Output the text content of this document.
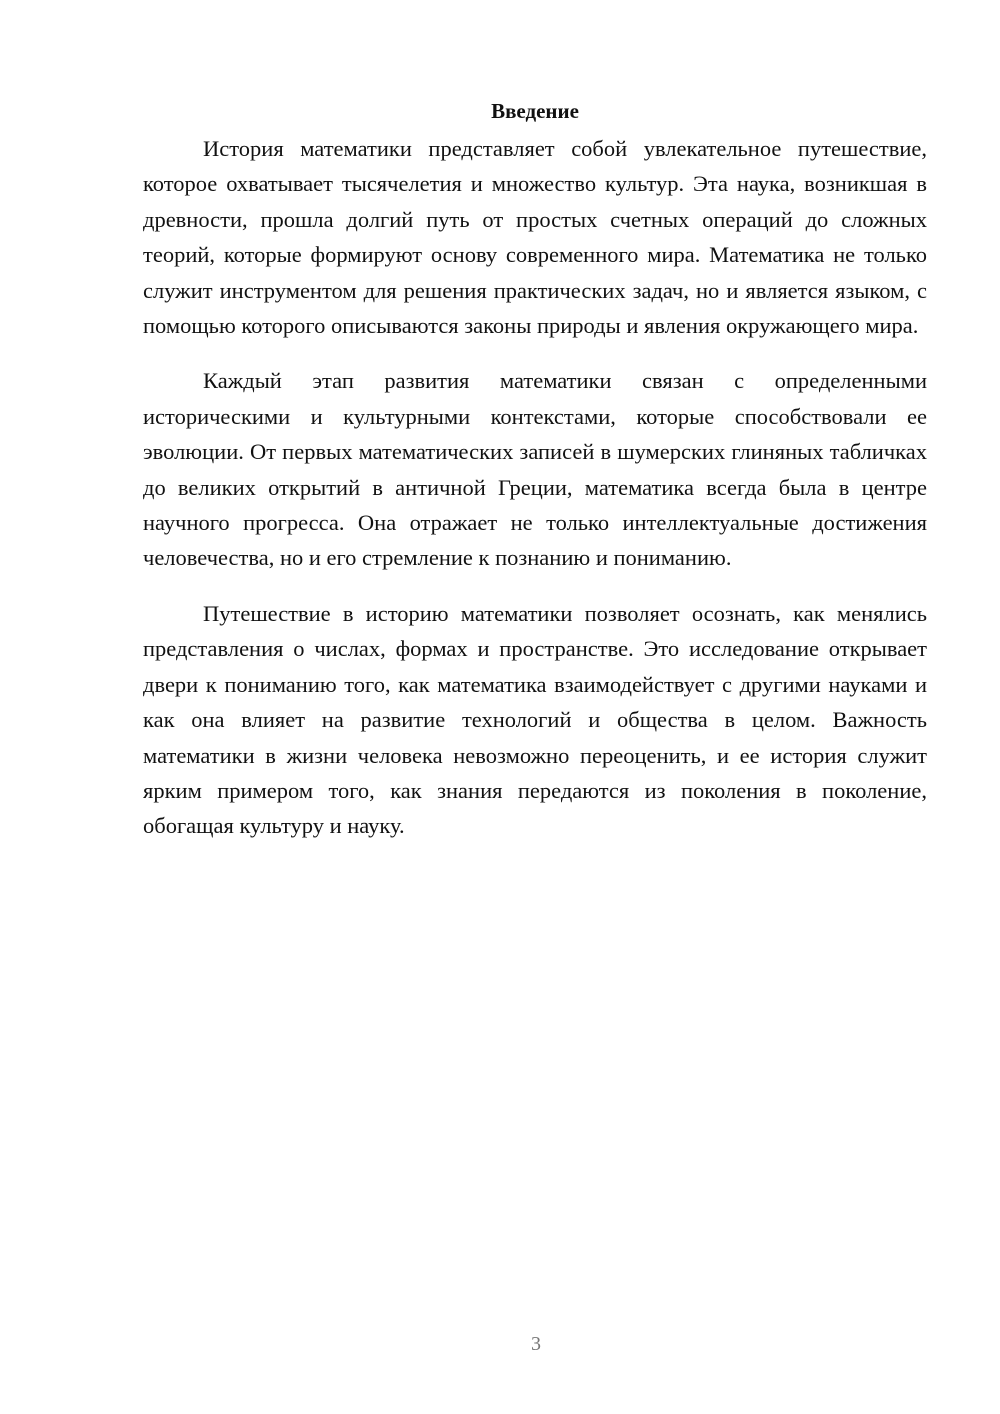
Введение

История математики представляет собой увлекательное путешествие, которое охватывает тысячелетия и множество культур. Эта наука, возникшая в древности, прошла долгий путь от простых счетных операций до сложных теорий, которые формируют основу современного мира. Математика не только служит инструментом для решения практических задач, но и является языком, с помощью которого описываются законы природы и явления окружающего мира.

Каждый этап развития математики связан с определенными историческими и культурными контекстами, которые способствовали ее эволюции. От первых математических записей в шумерских глиняных табличках до великих открытий в античной Греции, математика всегда была в центре научного прогресса. Она отражает не только интеллектуальные достижения человечества, но и его стремление к познанию и пониманию.

Путешествие в историю математики позволяет осознать, как менялись представления о числах, формах и пространстве. Это исследование открывает двери к пониманию того, как математика взаимодействует с другими науками и как она влияет на развитие технологий и общества в целом. Важность математики в жизни человека невозможно переоценить, и ее история служит ярким примером того, как знания передаются из поколения в поколение, обогащая культуру и науку.

3
